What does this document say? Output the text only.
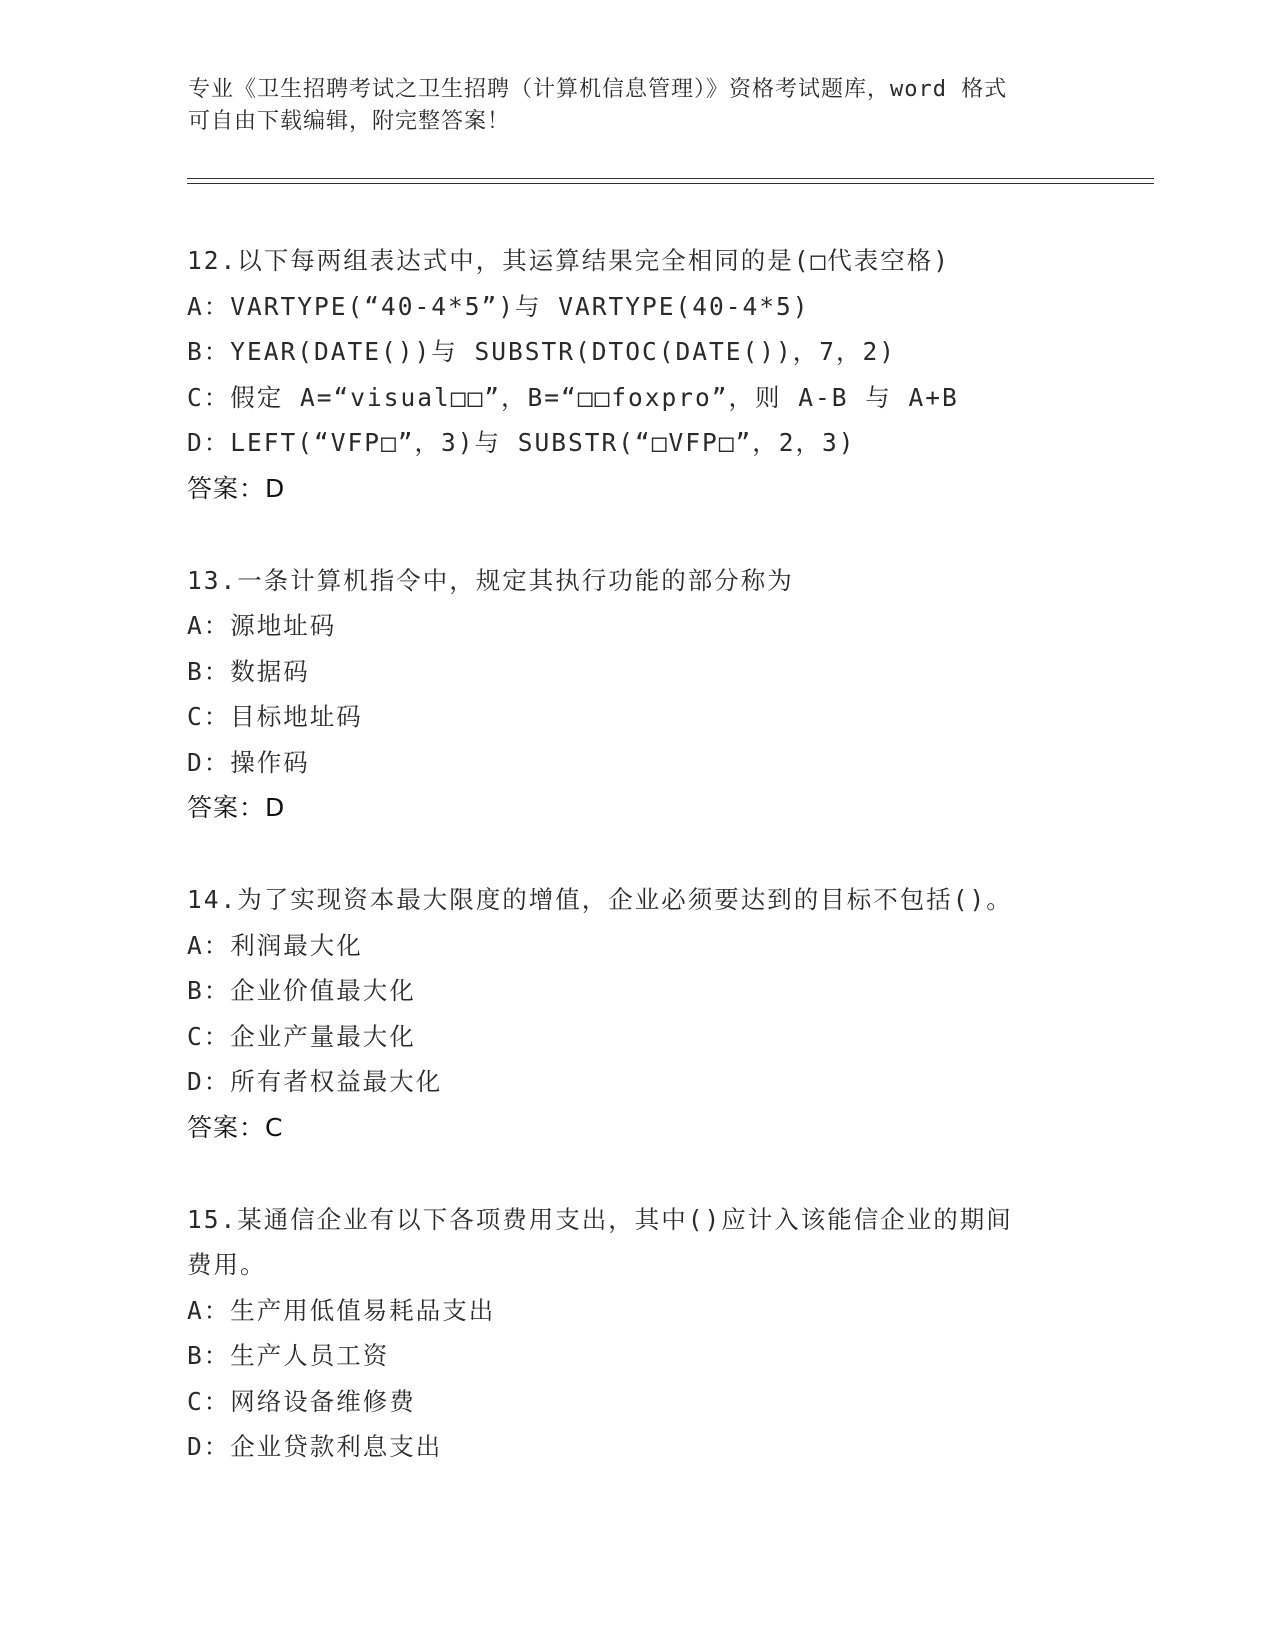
专业《卫生招聘考试之卫生招聘（计算机信息管理）》资格考试题库，word 格式
可自由下载编辑，附完整答案！
12.以下每两组表达式中，其运算结果完全相同的是(□代表空格)
A：VARTYPE(“40-4*5”)与 VARTYPE(40-4*5)
B：YEAR(DATE())与 SUBSTR(DTOC(DATE())，7，2)
C：假定 A=“visual□□”，B=“□□foxpro”，则 A-B 与 A+B
D：LEFT(“VFP□”，3)与 SUBSTR(“□VFP□”，2，3)
答案：D
13.一条计算机指令中，规定其执行功能的部分称为
A：源地址码
B：数据码
C：目标地址码
D：操作码
答案：D
14.为了实现资本最大限度的增值，企业必须要达到的目标不包括()。
A：利润最大化
B：企业价值最大化
C：企业产量最大化
D：所有者权益最大化
答案：C
15.某通信企业有以下各项费用支出，其中()应计入该能信企业的期间
费用。
A：生产用低值易耗品支出
B：生产人员工资
C：网络设备维修费
D：企业贷款利息支出
